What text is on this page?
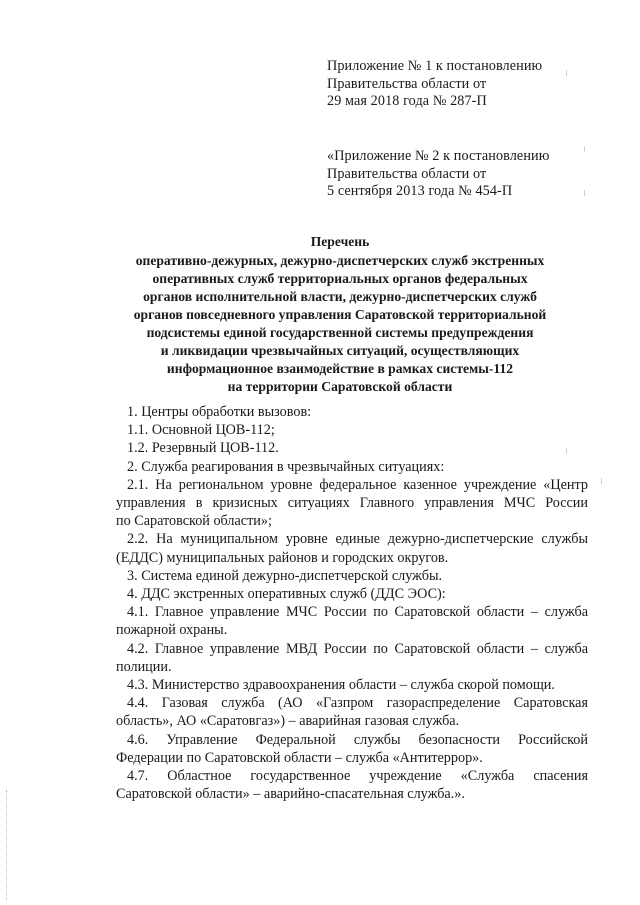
Приложение № 1 к постановлению
Правительства области от
29 мая 2018 года № 287-П
«Приложение № 2 к постановлению
Правительства области от
5 сентября 2013 года № 454-П
Перечень
оперативно-дежурных, дежурно-диспетчерских служб экстренных
оперативных служб территориальных органов федеральных
органов исполнительной власти, дежурно-диспетчерских служб
органов повседневного управления Саратовской территориальной
подсистемы единой государственной системы предупреждения
и ликвидации чрезвычайных ситуаций, осуществляющих
информационное взаимодействие в рамках системы-112
на территории Саратовской области

1. Центры обработки вызовов:

1.1. Основной ЦОВ-112;

1.2. Резервный ЦОВ-112.

2. Служба реагирования в чрезвычайных ситуациях:

2.1. На региональном уровне федеральное казенное учреждение «Центр
управления в кризисных ситуациях Главного управления МЧС России
по Саратовской области»;

2.2. На муниципальном уровне единые дежурно-диспетчерские службы
(ЕДДС) муниципальных районов и городских округов.

3. Система единой дежурно-диспетчерской службы.

4. ДДС экстренных оперативных служб (ДДС ЭОС):

4.1. Главное управление МЧС России по Саратовской области – служба
пожарной охраны.

4.2. Главное управление МВД России по Саратовской области – служба
полиции.

4.3. Министерство здравоохранения области – служба скорой помощи.

4.4. Газовая служба (АО «Газпром газораспределение Саратовская
область», АО «Саратовгаз») – аварийная газовая служба.

4.6. Управление Федеральной службы безопасности Российской
Федерации по Саратовской области – служба «Антитеррор».

4.7. Областное государственное учреждение «Служба спасения
Саратовской области» – аварийно-спасательная служба.».
